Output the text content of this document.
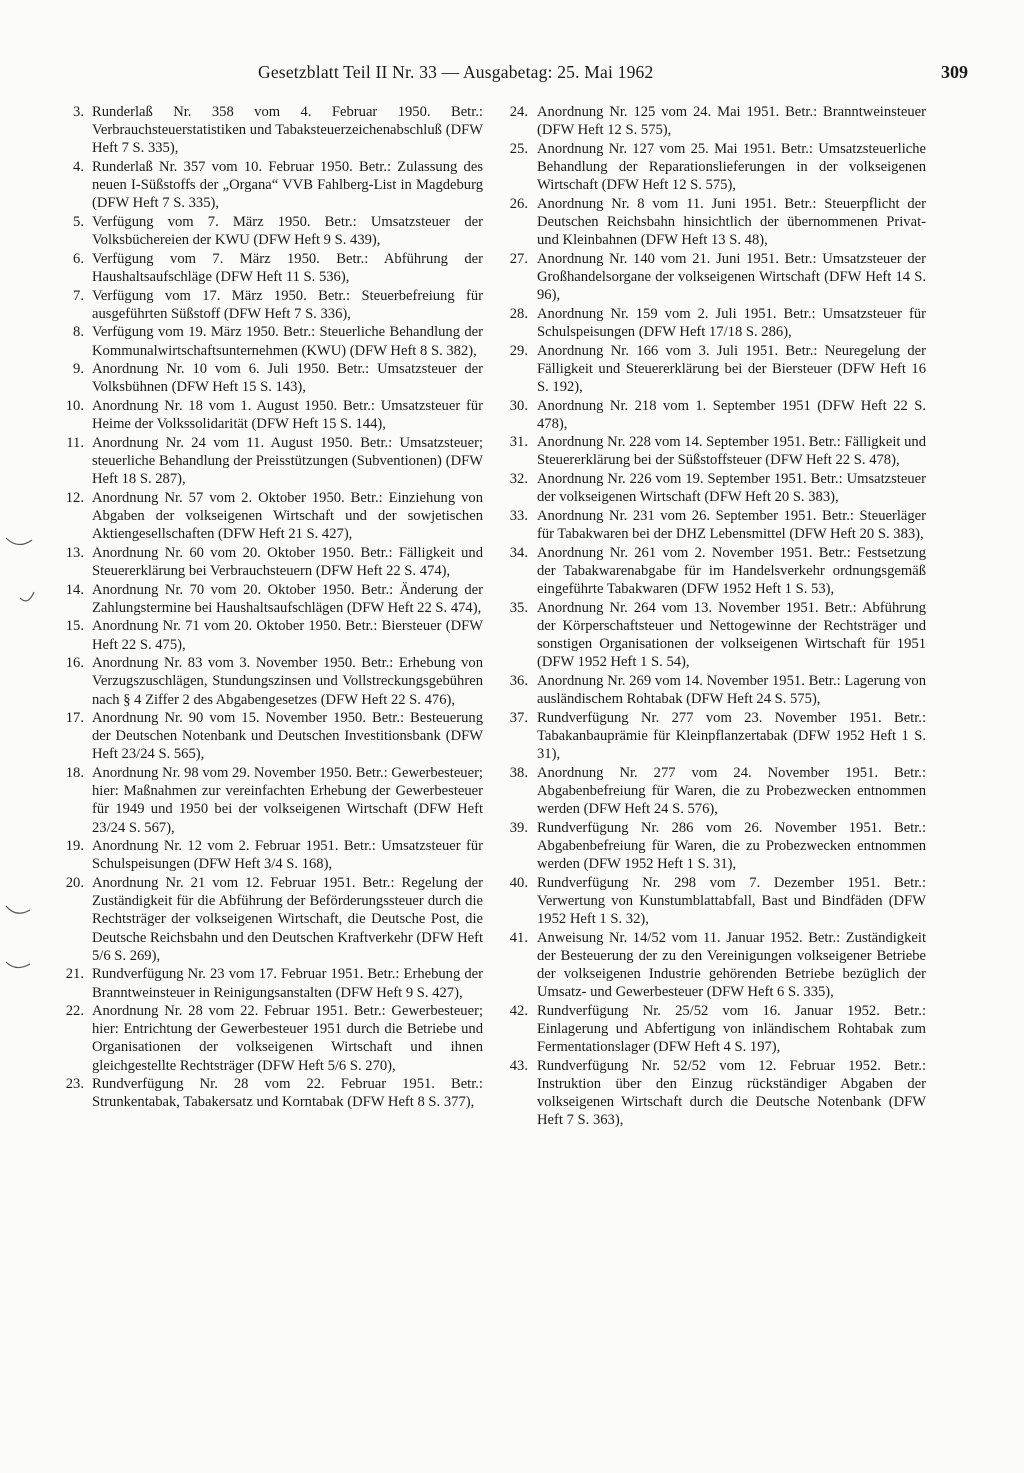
Gesetzblatt Teil II Nr. 33 — Ausgabetag: 25. Mai 1962	309
3. Runderlaß Nr. 358 vom 4. Februar 1950. Betr.: Verbrauchsteuerstatistiken und Tabaksteuerzeichenabschluß (DFW Heft 7 S. 335),
4. Runderlaß Nr. 357 vom 10. Februar 1950. Betr.: Zulassung des neuen I-Süßstoffs der „Organa“ VVB Fahlberg-List in Magdeburg (DFW Heft 7 S. 335),
5. Verfügung vom 7. März 1950. Betr.: Umsatzsteuer der Volksbüchereien der KWU (DFW Heft 9 S. 439),
6. Verfügung vom 7. März 1950. Betr.: Abführung der Haushaltsaufschläge (DFW Heft 11 S. 536),
7. Verfügung vom 17. März 1950. Betr.: Steuerbefreiung für ausgeführten Süßstoff (DFW Heft 7 S. 336),
8. Verfügung vom 19. März 1950. Betr.: Steuerliche Behandlung der Kommunalwirtschaftsunternehmen (KWU) (DFW Heft 8 S. 382),
9. Anordnung Nr. 10 vom 6. Juli 1950. Betr.: Umsatzsteuer der Volksbühnen (DFW Heft 15 S. 143),
10. Anordnung Nr. 18 vom 1. August 1950. Betr.: Umsatzsteuer für Heime der Volkssolidarität (DFW Heft 15 S. 144),
11. Anordnung Nr. 24 vom 11. August 1950. Betr.: Umsatzsteuer; steuerliche Behandlung der Preisstützungen (Subventionen) (DFW Heft 18 S. 287),
12. Anordnung Nr. 57 vom 2. Oktober 1950. Betr.: Einziehung von Abgaben der volkseigenen Wirtschaft und der sowjetischen Aktiengesellschaften (DFW Heft 21 S. 427),
13. Anordnung Nr. 60 vom 20. Oktober 1950. Betr.: Fälligkeit und Steuererklärung bei Verbrauchsteuern (DFW Heft 22 S. 474),
14. Anordnung Nr. 70 vom 20. Oktober 1950. Betr.: Änderung der Zahlungstermine bei Haushaltsaufschlägen (DFW Heft 22 S. 474),
15. Anordnung Nr. 71 vom 20. Oktober 1950. Betr.: Biersteuer (DFW Heft 22 S. 475),
16. Anordnung Nr. 83 vom 3. November 1950. Betr.: Erhebung von Verzugszuschlägen, Stundungszinsen und Vollstreckungsgebühren nach § 4 Ziffer 2 des Abgabengesetzes (DFW Heft 22 S. 476),
17. Anordnung Nr. 90 vom 15. November 1950. Betr.: Besteuerung der Deutschen Notenbank und Deutschen Investitionsbank (DFW Heft 23/24 S. 565),
18. Anordnung Nr. 98 vom 29. November 1950. Betr.: Gewerbesteuer; hier: Maßnahmen zur vereinfachten Erhebung der Gewerbesteuer für 1949 und 1950 bei der volkseigenen Wirtschaft (DFW Heft 23/24 S. 567),
19. Anordnung Nr. 12 vom 2. Februar 1951. Betr.: Umsatzsteuer für Schulspeisungen (DFW Heft 3/4 S. 168),
20. Anordnung Nr. 21 vom 12. Februar 1951. Betr.: Regelung der Zuständigkeit für die Abführung der Beförderungssteuer durch die Rechtsträger der volkseigenen Wirtschaft, die Deutsche Post, die Deutsche Reichsbahn und den Deutschen Kraftverkehr (DFW Heft 5/6 S. 269),
21. Rundverfügung Nr. 23 vom 17. Februar 1951. Betr.: Erhebung der Branntweinsteuer in Reinigungsanstalten (DFW Heft 9 S. 427),
22. Anordnung Nr. 28 vom 22. Februar 1951. Betr.: Gewerbesteuer; hier: Entrichtung der Gewerbesteuer 1951 durch die Betriebe und Organisationen der volkseigenen Wirtschaft und ihnen gleichgestellte Rechtsträger (DFW Heft 5/6 S. 270),
23. Rundverfügung Nr. 28 vom 22. Februar 1951. Betr.: Strunkentabak, Tabakersatz und Korntabak (DFW Heft 8 S. 377),
24. Anordnung Nr. 125 vom 24. Mai 1951. Betr.: Branntweinsteuer (DFW Heft 12 S. 575),
25. Anordnung Nr. 127 vom 25. Mai 1951. Betr.: Umsatzsteuerliche Behandlung der Reparationslieferungen in der volkseigenen Wirtschaft (DFW Heft 12 S. 575),
26. Anordnung Nr. 8 vom 11. Juni 1951. Betr.: Steuerpflicht der Deutschen Reichsbahn hinsichtlich der übernommenen Privat- und Kleinbahnen (DFW Heft 13 S. 48),
27. Anordnung Nr. 140 vom 21. Juni 1951. Betr.: Umsatzsteuer der Großhandelsorgane der volkseigenen Wirtschaft (DFW Heft 14 S. 96),
28. Anordnung Nr. 159 vom 2. Juli 1951. Betr.: Umsatzsteuer für Schulspeisungen (DFW Heft 17/18 S. 286),
29. Anordnung Nr. 166 vom 3. Juli 1951. Betr.: Neuregelung der Fälligkeit und Steuererklärung bei der Biersteuer (DFW Heft 16 S. 192),
30. Anordnung Nr. 218 vom 1. September 1951 (DFW Heft 22 S. 478),
31. Anordnung Nr. 228 vom 14. September 1951. Betr.: Fälligkeit und Steuererklärung bei der Süßstoffsteuer (DFW Heft 22 S. 478),
32. Anordnung Nr. 226 vom 19. September 1951. Betr.: Umsatzsteuer der volkseigenen Wirtschaft (DFW Heft 20 S. 383),
33. Anordnung Nr. 231 vom 26. September 1951. Betr.: Steuerläger für Tabakwaren bei der DHZ Lebensmittel (DFW Heft 20 S. 383),
34. Anordnung Nr. 261 vom 2. November 1951. Betr.: Festsetzung der Tabakwarenabgabe für im Handelsverkehr ordnungsgemäß eingeführte Tabakwaren (DFW 1952 Heft 1 S. 53),
35. Anordnung Nr. 264 vom 13. November 1951. Betr.: Abführung der Körperschaftsteuer und Nettogewinne der Rechtsträger und sonstigen Organisationen der volkseigenen Wirtschaft für 1951 (DFW 1952 Heft 1 S. 54),
36. Anordnung Nr. 269 vom 14. November 1951. Betr.: Lagerung von ausländischem Rohtabak (DFW Heft 24 S. 575),
37. Rundverfügung Nr. 277 vom 23. November 1951. Betr.: Tabakanbauprämie für Kleinpflanzertabak (DFW 1952 Heft 1 S. 31),
38. Anordnung Nr. 277 vom 24. November 1951. Betr.: Abgabenbefreiung für Waren, die zu Probezwecken entnommen werden (DFW Heft 24 S. 576),
39. Rundverfügung Nr. 286 vom 26. November 1951. Betr.: Abgabenbefreiung für Waren, die zu Probezwecken entnommen werden (DFW 1952 Heft 1 S. 31),
40. Rundverfügung Nr. 298 vom 7. Dezember 1951. Betr.: Verwertung von Kunstumblattabfall, Bast und Bindfäden (DFW 1952 Heft 1 S. 32),
41. Anweisung Nr. 14/52 vom 11. Januar 1952. Betr.: Zuständigkeit der Besteuerung der zu den Vereinigungen volkseigener Betriebe der volkseigenen Industrie gehörenden Betriebe bezüglich der Umsatz- und Gewerbesteuer (DFW Heft 6 S. 335),
42. Rundverfügung Nr. 25/52 vom 16. Januar 1952. Betr.: Einlagerung und Abfertigung von inländischem Rohtabak zum Fermentationslager (DFW Heft 4 S. 197),
43. Rundverfügung Nr. 52/52 vom 12. Februar 1952. Betr.: Instruktion über den Einzug rückständiger Abgaben der volkseigenen Wirtschaft durch die Deutsche Notenbank (DFW Heft 7 S. 363),
